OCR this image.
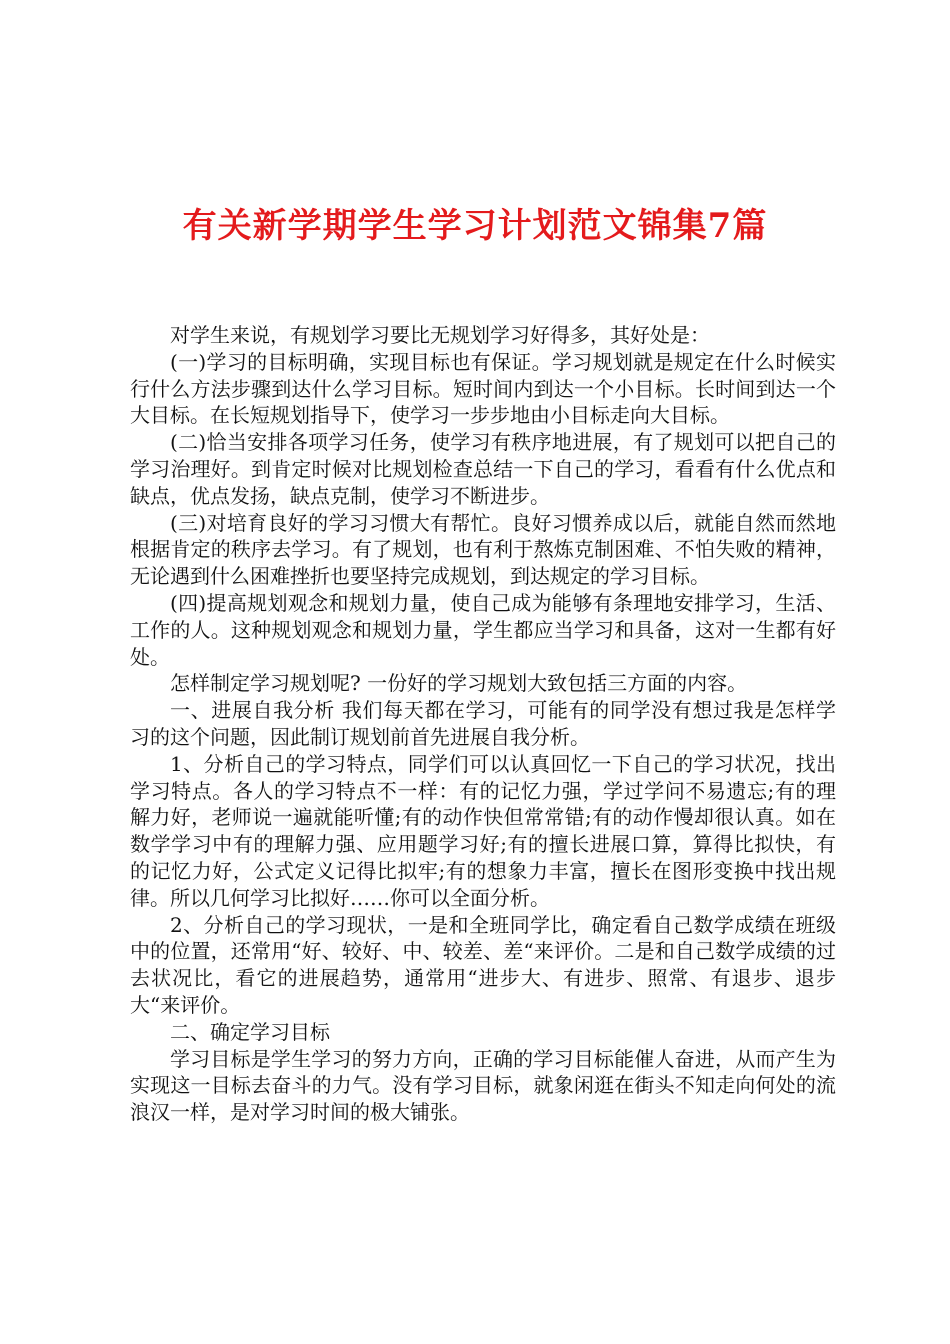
有关新学期学生学习计划范文锦集7篇

对学生来说，有规划学习要比无规划学习好得多，其好处是：

(一)学习的目标明确，实现目标也有保证。学习规划就是规定在什么时候实行什么方法步骤到达什么学习目标。短时间内到达一个小目标。长时间到达一个大目标。在长短规划指导下，使学习一步步地由小目标走向大目标。

(二)恰当安排各项学习任务，使学习有秩序地进展，有了规划可以把自己的学习治理好。到肯定时候对比规划检查总结一下自己的学习，看看有什么优点和缺点，优点发扬，缺点克制，使学习不断进步。

(三)对培育良好的学习习惯大有帮忙。良好习惯养成以后，就能自然而然地根据肯定的秩序去学习。有了规划，也有利于熬炼克制困难、不怕失败的精神，无论遇到什么困难挫折也要坚持完成规划，到达规定的学习目标。

(四)提高规划观念和规划力量，使自己成为能够有条理地安排学习，生活、工作的人。这种规划观念和规划力量，学生都应当学习和具备，这对一生都有好处。

怎样制定学习规划呢? 一份好的学习规划大致包括三方面的内容。

一、进展自我分析 我们每天都在学习，可能有的同学没有想过我是怎样学习的这个问题，因此制订规划前首先进展自我分析。

1、分析自己的学习特点，同学们可以认真回忆一下自己的学习状况，找出学习特点。各人的学习特点不一样：有的记忆力强，学过学问不易遗忘;有的理解力好，老师说一遍就能听懂;有的动作快但常常错;有的动作慢却很认真。如在数学学习中有的理解力强、应用题学习好;有的擅长进展口算，算得比拟快，有的记忆力好，公式定义记得比拟牢;有的想象力丰富，擅长在图形变换中找出规律。所以几何学习比拟好……你可以全面分析。

2、分析自己的学习现状，一是和全班同学比，确定看自己数学成绩在班级中的位置，还常用“好、较好、中、较差、差“来评价。二是和自己数学成绩的过去状况比，看它的进展趋势，通常用“进步大、有进步、照常、有退步、退步大“来评价。

二、确定学习目标

学习目标是学生学习的努力方向，正确的学习目标能催人奋进，从而产生为实现这一目标去奋斗的力气。没有学习目标，就象闲逛在街头不知走向何处的流浪汉一样，是对学习时间的极大铺张。
